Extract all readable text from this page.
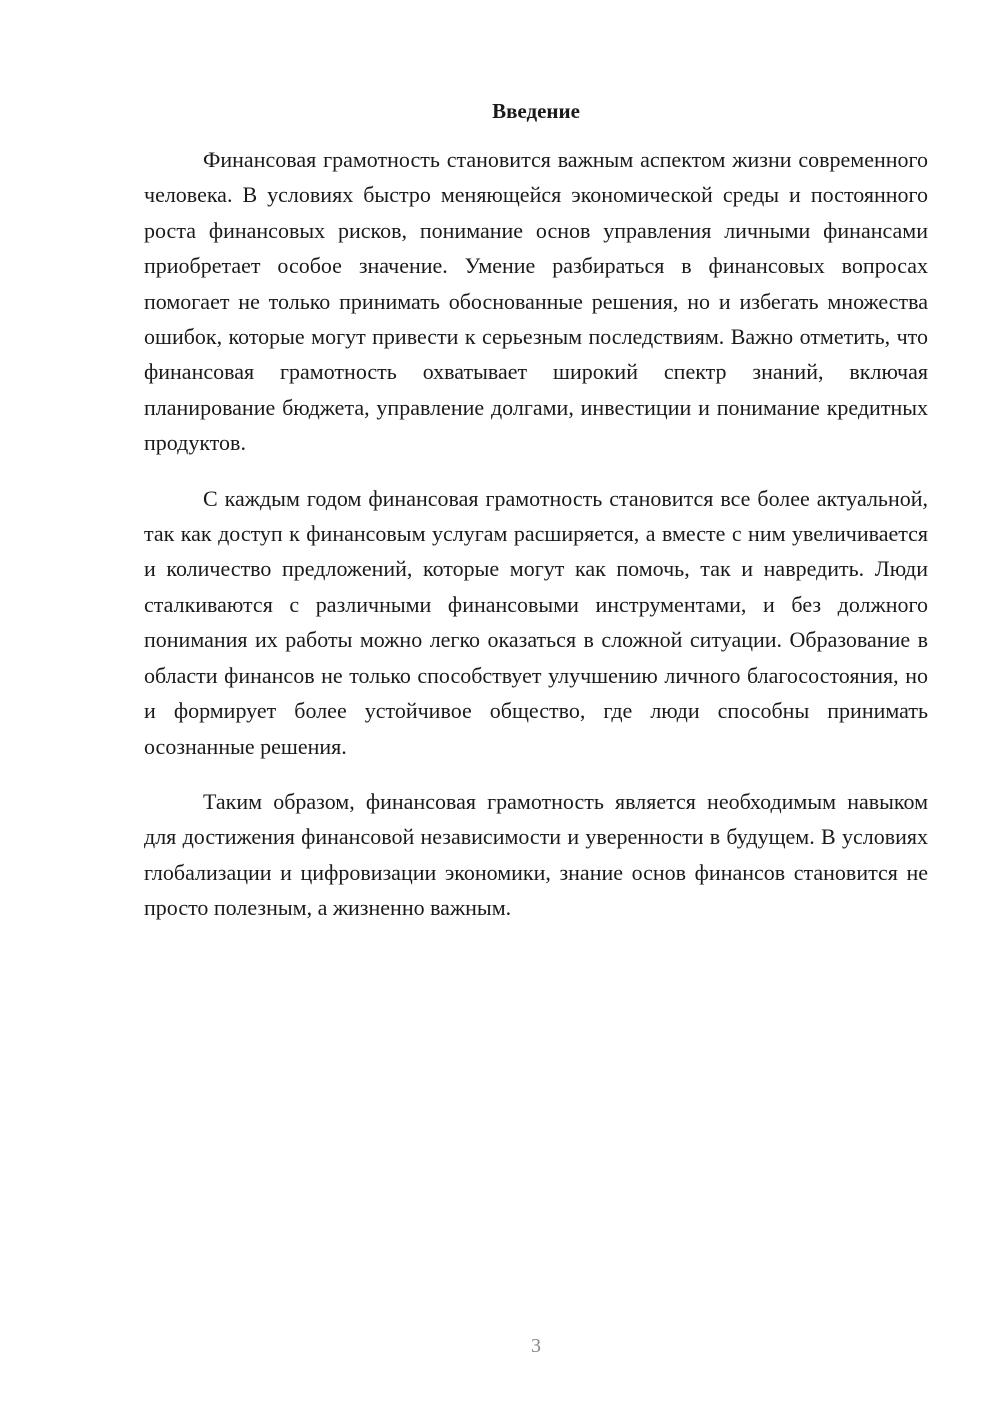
Введение

Финансовая грамотность становится важным аспектом жизни современного человека. В условиях быстро меняющейся экономической среды и постоянного роста финансовых рисков, понимание основ управления личными финансами приобретает особое значение. Умение разбираться в финансовых вопросах помогает не только принимать обоснованные решения, но и избегать множества ошибок, которые могут привести к серьезным последствиям. Важно отметить, что финансовая грамотность охватывает широкий спектр знаний, включая планирование бюджета, управление долгами, инвестиции и понимание кредитных продуктов.

С каждым годом финансовая грамотность становится все более актуальной, так как доступ к финансовым услугам расширяется, а вместе с ним увеличивается и количество предложений, которые могут как помочь, так и навредить. Люди сталкиваются с различными финансовыми инструментами, и без должного понимания их работы можно легко оказаться в сложной ситуации. Образование в области финансов не только способствует улучшению личного благосостояния, но и формирует более устойчивое общество, где люди способны принимать осознанные решения.

Таким образом, финансовая грамотность является необходимым навыком для достижения финансовой независимости и уверенности в будущем. В условиях глобализации и цифровизации экономики, знание основ финансов становится не просто полезным, а жизненно важным.

3
